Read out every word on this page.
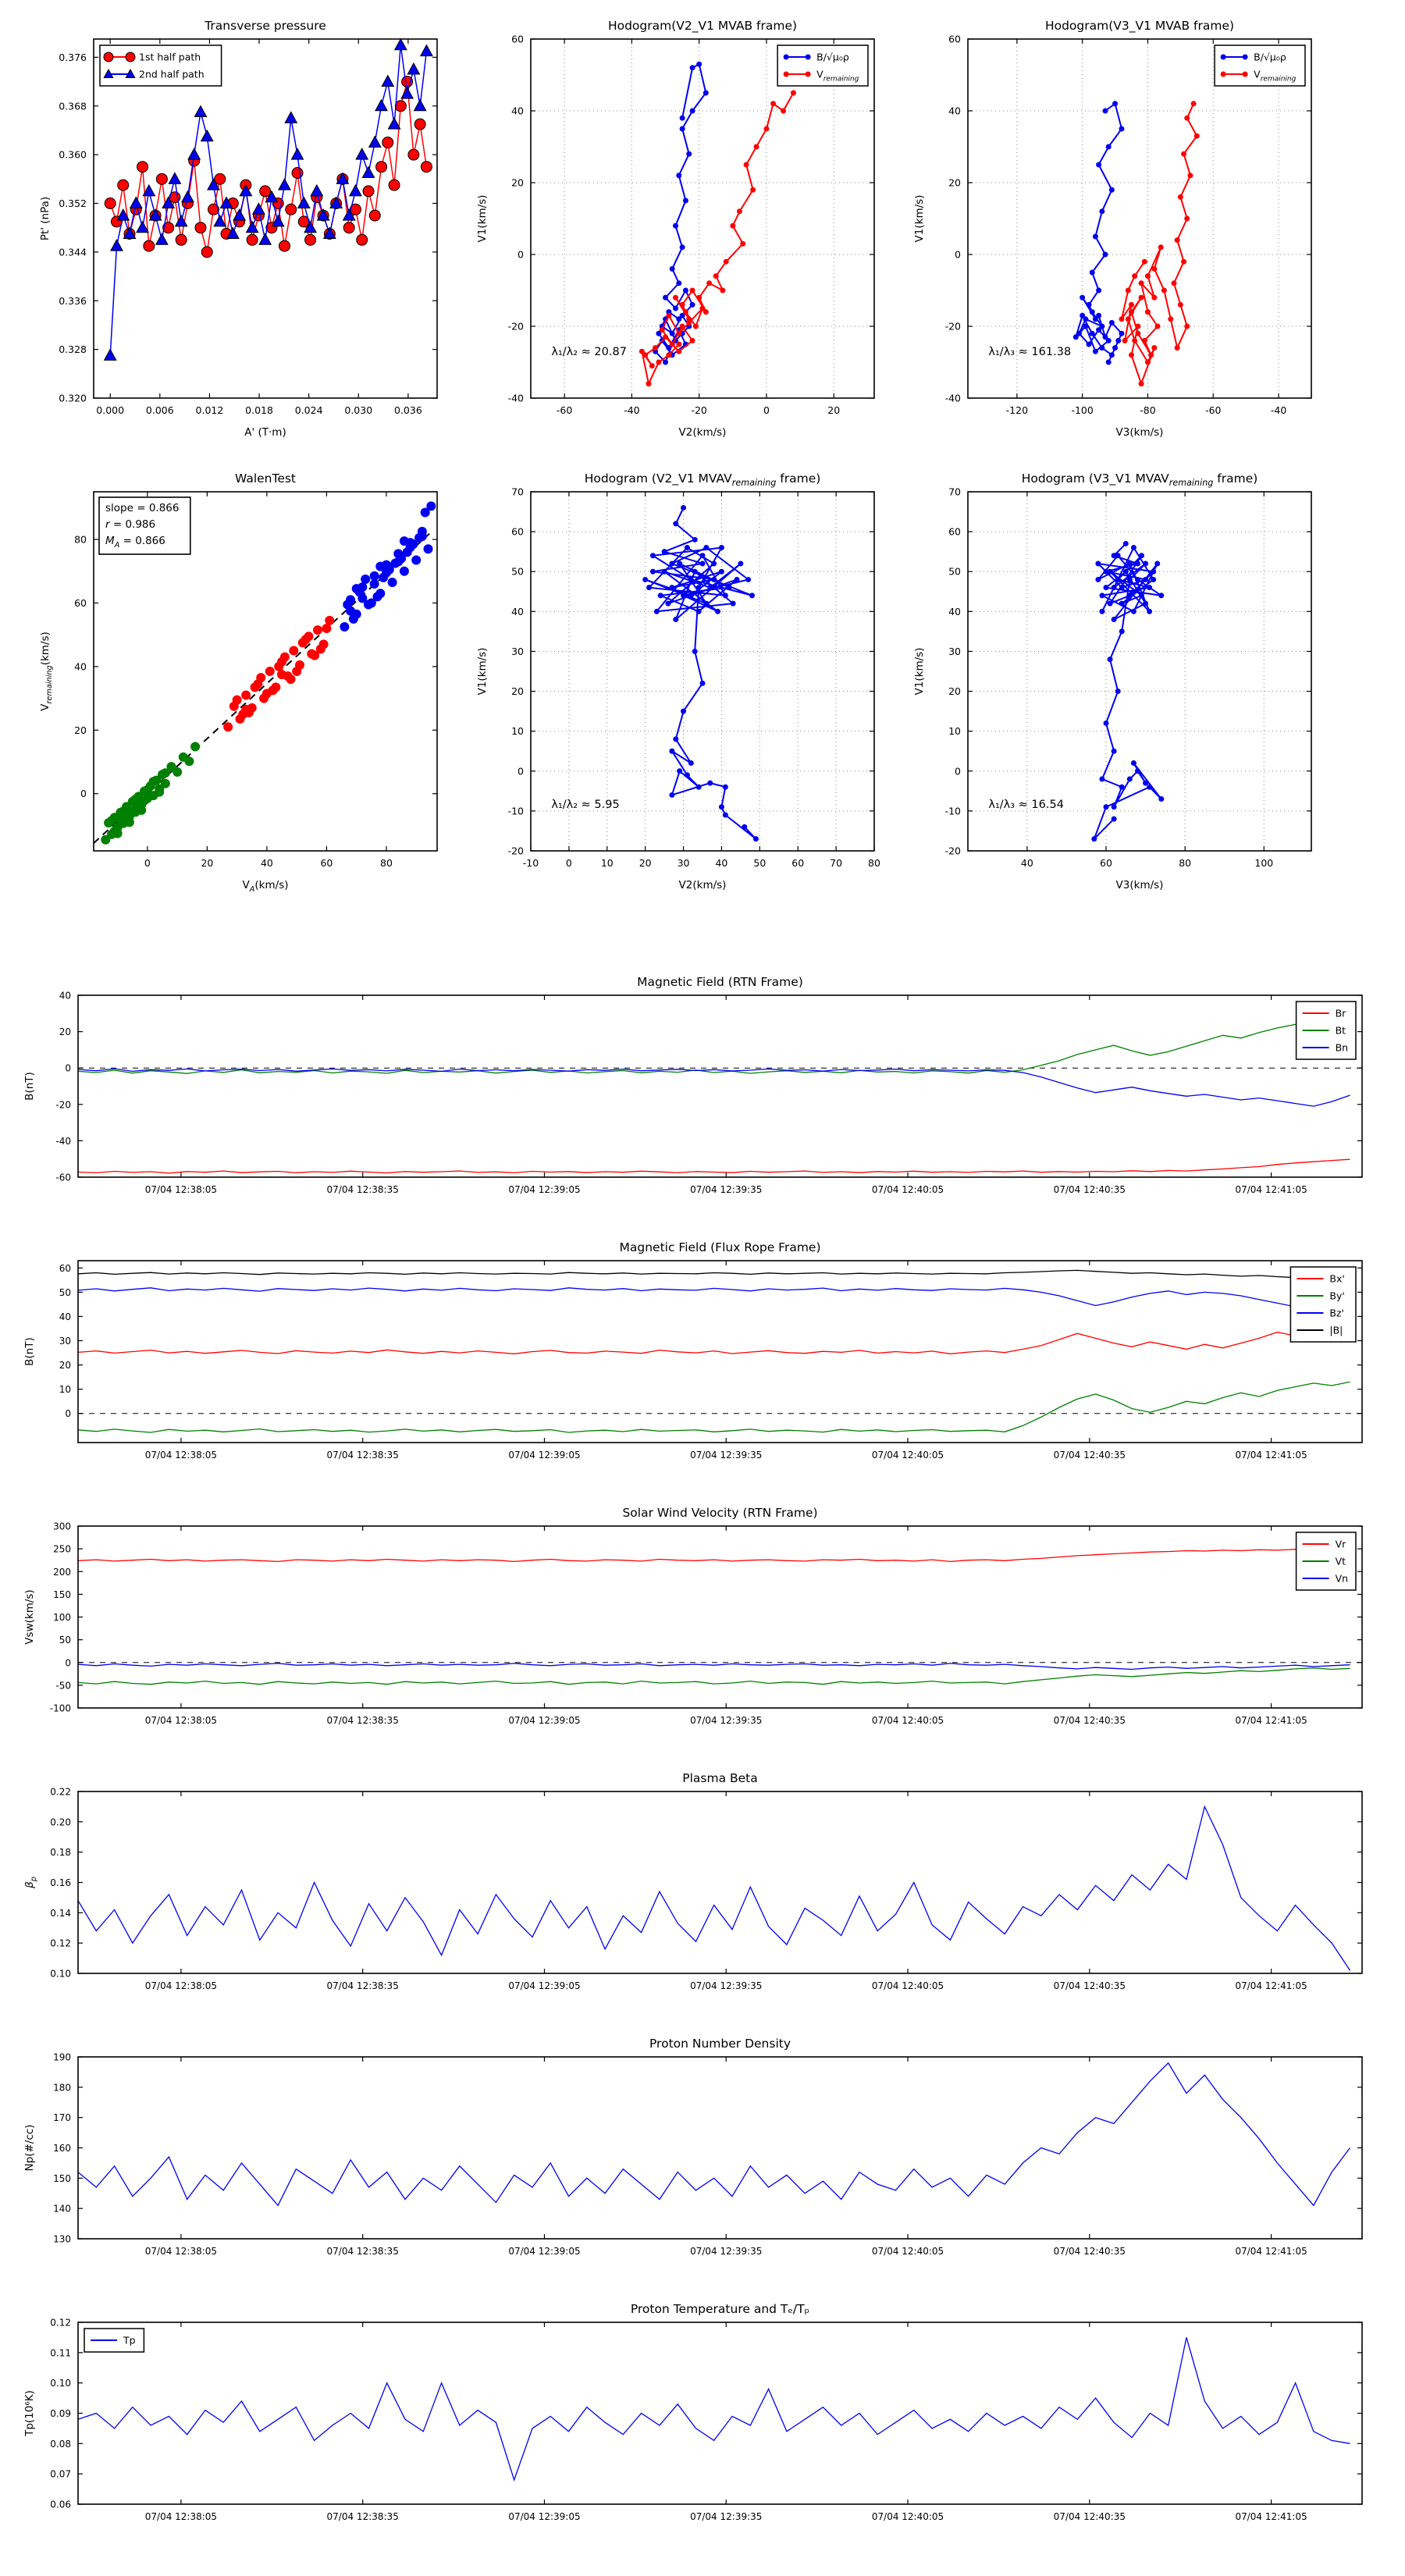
0.000 0.006 0.012 0.018 0.024 0.030 0.036
0.320
0.328
0.336
0.344
0.352
0.360
0.368
0.376
Transverse pressure
A' (T·m)
Pt' (nPa)
1st half path
2nd half path
-60	-40	-20	0	20
-40
-20
0
20
40
60
Hodogram(V2_V1 MVAB frame)
V2(km/s)
V1(km/s)
λ₁/λ₂ ≈ 20.87
B/√μ₀ρ
$V_{remaining}$
-120	-100	-80	-60	-40
-40
-20
0
20
40
60
Hodogram(V3_V1 MVAB frame)
V3(km/s)
V1(km/s)
λ₁/λ₃ ≈ 161.38
B/√μ₀ρ
$V_{remaining}$
0	20	40	60	80
0
20
40
60
80
WalenTest
$V_A(km/s)$
$V_{remaining}(km/s)$
slope = 0.866
r = 0.986
$M_A = 0.866$
-10	0	10	20	30	40	50	60	70	80
-20
-10
0
10
20
30
40
50
60
70
Hodogram (V2_V1 $MVAV_{remaining}$ frame)
V2(km/s)
V1(km/s)
λ₁/λ₂ ≈ 5.95
40	60	80	100
-20
-10
0
10
20
30
40
50
60
70
Hodogram (V3_V1 $MVAV_{remaining}$ frame)
V3(km/s)
V1(km/s)
λ₁/λ₃ ≈ 16.54
07/04 12:38:05	07/04 12:38:35	07/04 12:39:05	07/04 12:39:35	07/04 12:40:05	07/04 12:40:35	07/04 12:41:05
-60
-40
-20
0
20
40
Magnetic Field (RTN Frame)
B(nT)
Br
Bt
Bn
07/04 12:38:05	07/04 12:38:35	07/04 12:39:05	07/04 12:39:35	07/04 12:40:05	07/04 12:40:35	07/04 12:41:05
0
10
20
30
40
50
60
Magnetic Field (Flux Rope Frame)
B(nT)
Bx'
By'
Bz'
|B|
07/04 12:38:05	07/04 12:38:35	07/04 12:39:05	07/04 12:39:35	07/04 12:40:05	07/04 12:40:35	07/04 12:41:05
-100
-50
0
50
100
150
200
250
300
Solar Wind Velocity (RTN Frame)
Vsw(km/s)
Vr
Vt
Vn
07/04 12:38:05	07/04 12:38:35	07/04 12:39:05	07/04 12:39:35	07/04 12:40:05	07/04 12:40:35	07/04 12:41:05
0.10
0.12
0.14
0.16
0.18
0.20
0.22
Plasma Beta
$\beta_p$
07/04 12:38:05	07/04 12:38:35	07/04 12:39:05	07/04 12:39:35	07/04 12:40:05	07/04 12:40:35	07/04 12:41:05
130
140
150
160
170
180
190
Proton Number Density
Np(#/cc)
07/04 12:38:05	07/04 12:38:35	07/04 12:39:05	07/04 12:39:35	07/04 12:40:05	07/04 12:40:35	07/04 12:41:05
0.06
0.07
0.08
0.09
0.10
0.11
0.12
Proton Temperature and Tₑ/Tₚ
Tp(10⁶K)
Tp
